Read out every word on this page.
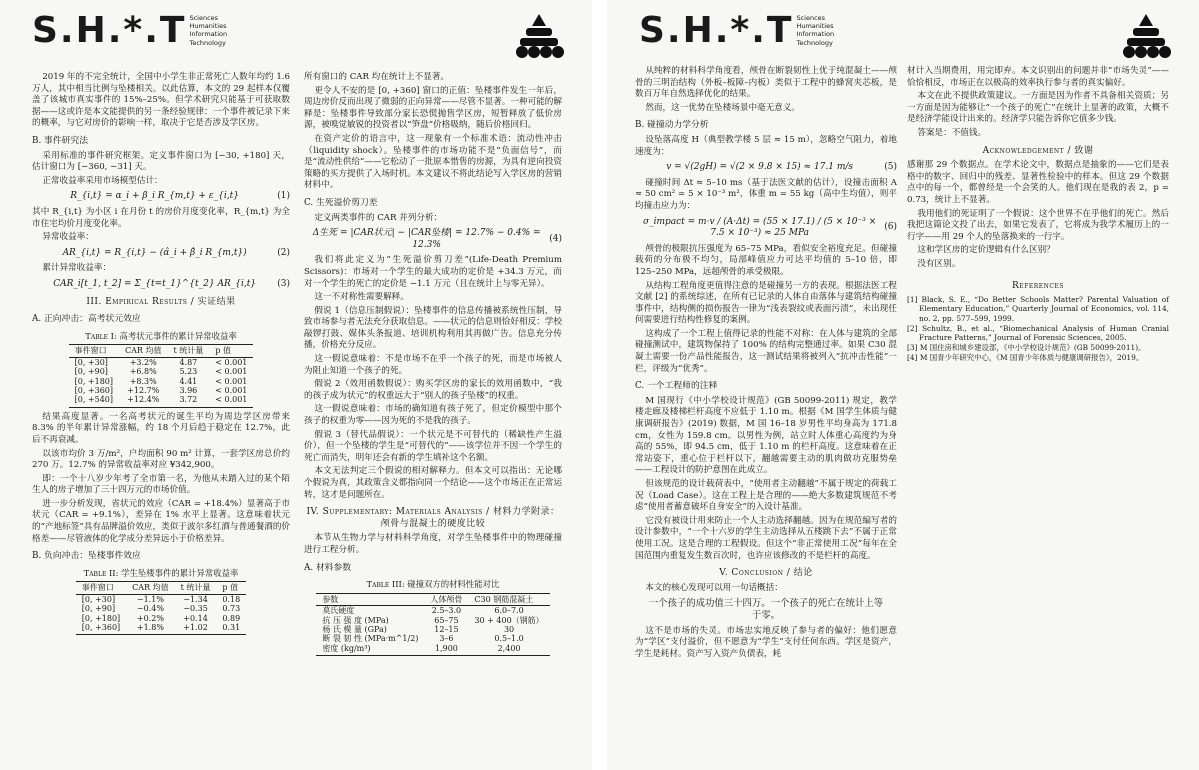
S.H.*.T Sciences
Humanities
Information
Technology

2019 年的不完全统计，全国中小学生非正常死亡人数年均约 1.6 万人，其中相当比例与坠楼相关。以此估算，本文的 29 起样本仅覆盖了该城市真实事件的 15%–25%。但学术研究只能基于可获取数据——这或许是本文能提供的另一条经验规律：一个事件被记录下来的概率，与它对房价的影响一样，取决于它是否涉及学区房。

B. 事件研究法

采用标准的事件研究框架。定义事件窗口为 [−30, +180] 天，估计窗口为 [−360, −31] 天。

正常收益率采用市场模型估计：

R_{i,t} = α_i + β_i R_{m,t} + ε_{i,t}	(1)

其中 R_{i,t} 为小区 i 在月份 t 的房价月度变化率，R_{m,t} 为全市住宅均价月度变化率。

异常收益率：

AR_{i,t} = R_{i,t} − (α̂_i + β̂_i R_{m,t})	(2)

累计异常收益率：

CAR_i[t_1, t_2] = Σ_{t=t_1}^{t_2} AR_{i,t}	(3)
III. Empirical Results / 实证结果
A. 正向冲击：高考状元效应
Table I: 高考状元事件的累计异常收益率
事件窗口	CAR 均值	t 统计量	p 值
[0, +30]	+3.2%	4.87	< 0.001
[0, +90]	+6.8%	5.23	< 0.001
[0, +180]	+8.3%	4.41	< 0.001
[0, +360]	+12.7%	3.96	< 0.001
[0, +540]	+12.4%	3.72	< 0.001

结果高度显著。一名高考状元的诞生平均为周边学区房带来 8.3% 的半年累计异常涨幅，约 18 个月后趋于稳定在 12.7%，此后不再衰减。

以该市均价 3 万/m²，户均面积 90 m² 计算，一套学区房总价约 270 万。12.7% 的异常收益率对应 ¥342,900。

即：一个十八岁少年考了全市第一名，为他从未踏入过的某个陌生人的房子增加了三十四万元的市场价值。

进一步分析发现，省状元的效应（CAR = +18.4%）显著高于市状元（CAR = +9.1%），差异在 1% 水平上显著。这意味着状元的“产地标签”具有品牌溢价效应，类似于波尔多红酒与普通餐酒的价格差——尽管液体的化学成分差异远小于价格差异。

B. 负向冲击：坠楼事件效应
Table II: 学生坠楼事件的累计异常收益率
事件窗口	CAR 均值	t 统计量	p 值
[0, +30]	−1.1%	−1.34	0.18
[0, +90]	−0.4%	−0.35	0.73
[0, +180]	+0.2%	+0.14	0.89
[0, +360]	+1.8%	+1.02	0.31

所有窗口的 CAR 均在统计上不显著。

更令人不安的是 [0, +360] 窗口的正值：坠楼事件发生一年后，周边房价反而出现了微弱的正向异常——尽管不显著。一种可能的解释是：坠楼事件导致部分家长恐慌抛售学区房，短暂释放了低价房源，被嗅觉敏锐的投资者以“笋盘”价格吸纳，随后价格回归。

在资产定价的语言中，这一现象有一个标准术语：流动性冲击（liquidity shock）。坠楼事件的市场功能不是“负面信号”，而是“流动性供给”——它松动了一批原本惜售的房源，为具有逆向投资策略的买方提供了入场时机。本文建议不将此结论写入学区房的营销材料中。

C. 生死溢价剪刀差

定义两类事件的 CAR 并列分析：

Δ生死 = |CAR状元| − |CAR坠楼| = 12.7% − 0.4% = 12.3%
(4)

我们将此定义为“生死溢价剪刀差”(Life-Death Premium Scissors)：市场对一个学生的最大成功的定价是 +34.3 万元，而对一个学生的死亡的定价是 −1.1 万元（且在统计上与零无异）。

这一不对称性需要解释。

假说 1（信息压制假说）：坠楼事件的信息传播被系统性压制，导致市场参与者无法充分获取信息。——状元的信息则恰好相反：学校敲锣打鼓、媒体头条报道、培训机构利用其再做广告。信息充分传播，价格充分反应。

这一假说意味着：不是市场不在乎一个孩子的死，而是市场被人为阻止知道一个孩子的死。

假说 2（效用函数假说）：购买学区房的家长的效用函数中，“我的孩子成为状元”的权重远大于“别人的孩子坠楼”的权重。

这一假说意味着：市场的确知道有孩子死了，但定价模型中那个孩子的权重为零——因为死的不是我的孩子。

假说 3（替代品假说）：一个状元是不可替代的（稀缺性产生溢价），但一个坠楼的学生是“可替代的”——该学位并不因一个学生的死亡而消失，明年还会有新的学生填补这个名额。

本文无法判定三个假说的相对解释力。但本文可以指出：无论哪个假说为真，其政策含义都指向同一个结论——这个市场正在正常运转，这才是问题所在。

IV. Supplementary: Materials Analysis / 材料力学附录：颅骨与混凝土的硬度比较

本节从生物力学与材料科学角度，对学生坠楼事件中的物理碰撞进行工程分析。

A. 材料参数
Table III: 碰撞双方的材料性能对比
参数	人体颅骨	C30 钢筋混凝土
莫氏硬度	2.5–3.0	6.0–7.0
抗 压 强 度 (MPa)	65–75	30 + 400（钢筋）
杨 氏 模 量 (GPa)	12–15	30
断 裂 韧 性 (MPa·m^1/2)	3–6	0.5–1.0
密度 (kg/m³)	1,900	2,400
S.H.*.T Sciences
Humanities
Information
Technology

从纯粹的材料科学角度看，颅骨在断裂韧性上优于纯混凝土——颅骨的三明治结构（外板–板障–内板）类似于工程中的蜂窝夹芯板，是数百万年自然选择优化的结果。

然而，这一优势在坠楼场景中毫无意义。

B. 碰撞动力学分析

设坠落高度 H（典型教学楼 5 层 ≈ 15 m），忽略空气阻力，着地速度为：

v = √(2gH) = √(2 × 9.8 × 15) ≈ 17.1 m/s	(5)

碰撞时间 Δt ≈ 5–10 ms（基于法医文献的估计），设撞击面积 A ≈ 50 cm² = 5 × 10⁻³ m²，体重 m = 55 kg（高中生均值），则平均撞击应力为：

σ_impact = m·v / (A·Δt) = (55 × 17.1) / (5 × 10⁻³ × 7.5 × 10⁻³) ≈ 25 MPa
(6)

颅骨的极限抗压强度为 65–75 MPa，看似安全裕度充足。但碰撞载荷的分布极不均匀，局部峰值应力可达平均值的 5–10 倍，即 125–250 MPa，远超颅骨的承受极限。

从结构工程角度更值得注意的是碰撞另一方的表现。根据法医工程文献 [2] 的系统综述，在所有已记录的人体自由落体与建筑结构碰撞事件中，结构侧的损伤报告一律为“浅表裂纹或表面污渍”，未出现任何需要进行结构性修复的案例。

这构成了一个工程上值得记录的性能不对称：在人体与建筑的全部碰撞测试中，建筑物保持了 100% 的结构完整通过率。如果 C30 混凝土需要一份产品性能报告，这一测试结果将被列入“抗冲击性能”一栏，评级为“优秀”。

C. 一个工程师的注释

M 国现行《中小学校设计规范》(GB 50099-2011) 规定，教学楼走廊及楼梯栏杆高度不应低于 1.10 m。根据《M 国学生体质与健康调研报告》(2019) 数据，M 国 16–18 岁男性平均身高为 171.8 cm，女性为 159.8 cm。以男性为例，站立时人体重心高度约为身高的 55%，即 94.5 cm，低于 1.10 m 的栏杆高度。这意味着在正常站姿下，重心位于栏杆以下，翻越需要主动的肌肉做功克服势垒——工程设计的防护意图在此成立。

但该规范的设计载荷表中，“使用者主动翻越”不属于规定的荷载工况（Load Case）。这在工程上是合理的——绝大多数建筑规范不考虑“使用者蓄意破坏自身安全”的入设计基准。

它没有被设计用来防止一个人主动选择翻越。因为在规范编写者的设计参数中，“一个十六岁的学生主动选择从五楼跳下去”不属于正常使用工况。这是合理的工程假设。但这个“非正常使用工况”每年在全国范围内重复发生数百次时，也许应该修改的不是栏杆的高度。

V. Conclusion / 结论

本文的核心发现可以用一句话概括：

一个孩子的成功值三十四万。一个孩子的死亡在统计上等于零。

这不是市场的失灵。市场忠实地反映了参与者的偏好：他们愿意为“学区”支付溢价，但不愿意为“学生”支付任何东西。学区是资产，学生是耗材。资产写入资产负债表，耗

材计入当期费用，用完即弃。本文识别出的问题并非“市场失灵”——恰恰相反，市场正在以极高的效率执行参与者的真实偏好。

本文在此不提供政策建议。一方面是因为作者不具备相关资质；另一方面是因为能够让“一个孩子的死亡”在统计上显著的政策，大概不是经济学能设计出来的。经济学只能告诉你它值多少钱。

答案是：不值钱。

Acknowledgement / 致谢

感谢那 29 个数据点。在学术论文中，数据点是抽象的——它们是表格中的数字、回归中的残差、显著性检验中的样本。但这 29 个数据点中的每一个，都曾经是一个会笑的人。他们现在是我的表 2，p = 0.73，统计上不显著。

我用他们的死证明了一个假说：这个世界不在乎他们的死亡。然后我把这篇论文投了出去，如果它发表了，它将成为我学术履历上的一行字——用 29 个人的坠落换来的一行字。

这和学区房的定价逻辑有什么区别？

没有区别。

References
[1] Black, S. E., “Do Better Schools Matter? Parental Valuation of Elementary Education,” Quarterly Journal of Economics, vol. 114, no. 2, pp. 577–599, 1999.
[2] Schultz, B., et al., “Biomechanical Analysis of Human Cranial Fracture Patterns,” Journal of Forensic Sciences, 2005.
[3] M 国住房和城乡建设部，《中小学校设计规范》(GB 50099-2011)。
[4] M 国青少年研究中心，《M 国青少年体质与健康调研报告》，2019。
